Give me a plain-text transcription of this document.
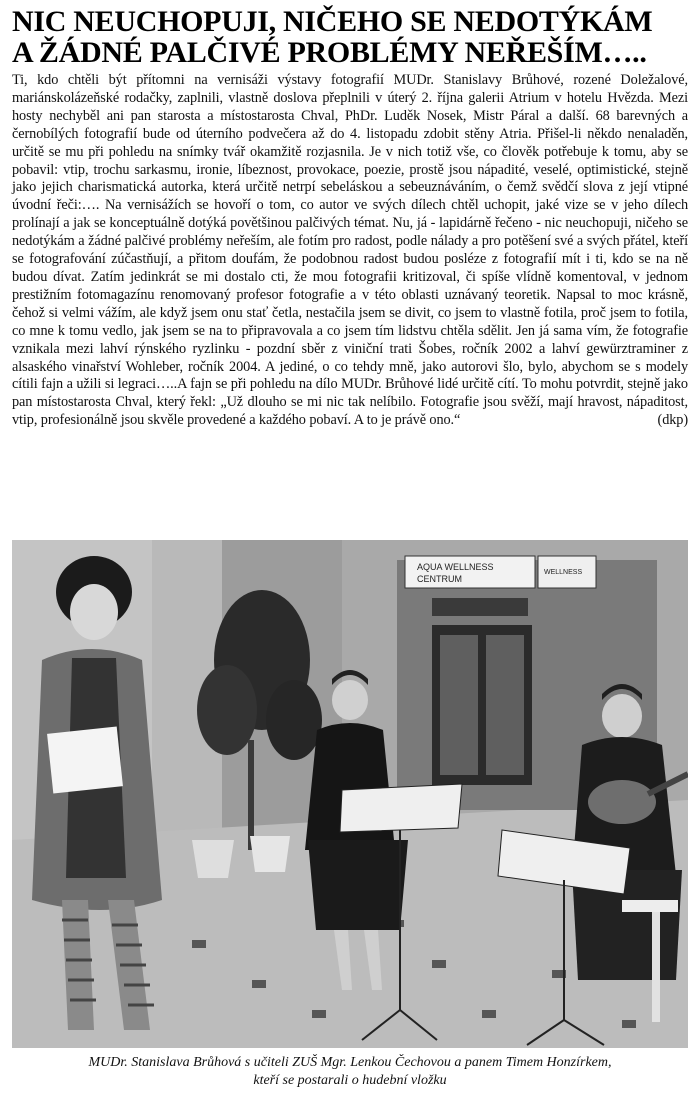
NIC NEUCHOPUJI, NIČEHO SE NEDOTÝKÁM
A ŽÁDNÉ PALČIVÉ PROBLÉMY NEŘEŠÍM…..

Ti, kdo chtěli být přítomni na vernisáži výstavy fotografií MUDr. Stanislavy Brůhové, rozené Doležalové, mariánskolázeňské rodačky, zaplnili, vlastně doslova přeplnili v úterý 2. října galerii Atrium v hotelu Hvězda. Mezi hosty nechyběl ani pan starosta a místostarosta Chval, PhDr. Luděk Nosek, Mistr Páral a další. 68 barevných a černobílých fotografií bude od úterního podvečera až do 4. listopadu zdobit stěny Atria. Přišel-li někdo nenaladěn, určitě se mu při pohledu na snímky tvář okamžitě rozjasnila. Je v nich totiž vše, co člověk potřebuje k tomu, aby se pobavil: vtip, trochu sarkasmu, ironie, líbeznost, provokace, poezie, prostě jsou nápadité, veselé, optimistické, stejně jako jejich charismatická autorka, která určitě netrpí sebeláskou a sebeuznáváním, o čemž svědčí slova z její vtipné úvodní řeči:…. Na vernisážích se hovoří o tom, co autor ve svých dílech chtěl uchopit, jaké vize se v jeho dílech prolínají a jak se konceptuálně dotýká povětšinou palčivých témat. Nu, já - lapidárně řečeno - nic neuchopuji, ničeho se nedotýkám a žádné palčivé problémy neřeším, ale fotím pro radost, podle nálady a pro potěšení své a svých přátel, kteří se fotografování zúčastňují, a přitom doufám, že podobnou radost budou posléze z fotografií mít i ti, kdo se na ně budou dívat. Zatím jedinkrát se mi dostalo cti, že mou fotografii kritizoval, či spíše vlídně komentoval, v jednom prestižním fotomagazínu renomovaný profesor fotografie a v této oblasti uznávaný teoretik. Napsal to moc krásně, čehož si velmi vážím, ale když jsem onu stať četla, nestačila jsem se divit, co jsem to vlastně fotila, proč jsem to fotila, co mne k tomu vedlo, jak jsem se na to připravovala a co jsem tím lidstvu chtěla sdělit. Jen já sama vím, že fotografie vznikala mezi lahví rýnského ryzlinku - pozdní sběr z viniční trati Šobes, ročník 2002 a lahví gewürztraminer z alsaského vinařství Wohleber, ročník 2004. A jediné, o co tehdy mně, jako autorovi šlo, bylo, abychom se s modely cítili fajn a užili si legraci…..A fajn se při pohledu na dílo MUDr. Brůhové lidé určitě cítí. To mohu potvrdit, stejně jako pan místostarosta Chval, který řekl: „Už dlouho se mi nic tak nelíbilo. Fotografie jsou svěží, mají hravost, nápaditost, vtip, profesionálně jsou skvěle provedené a každého pobaví. A to je právě ono.“	(dkp)

AQUA WELLNESS
CENTRUM
WELLNESS
MUDr. Stanislava Brůhová s učiteli ZUŠ Mgr. Lenkou Čechovou a panem Timem Honzírkem,
kteří se postarali o hudební vložku
